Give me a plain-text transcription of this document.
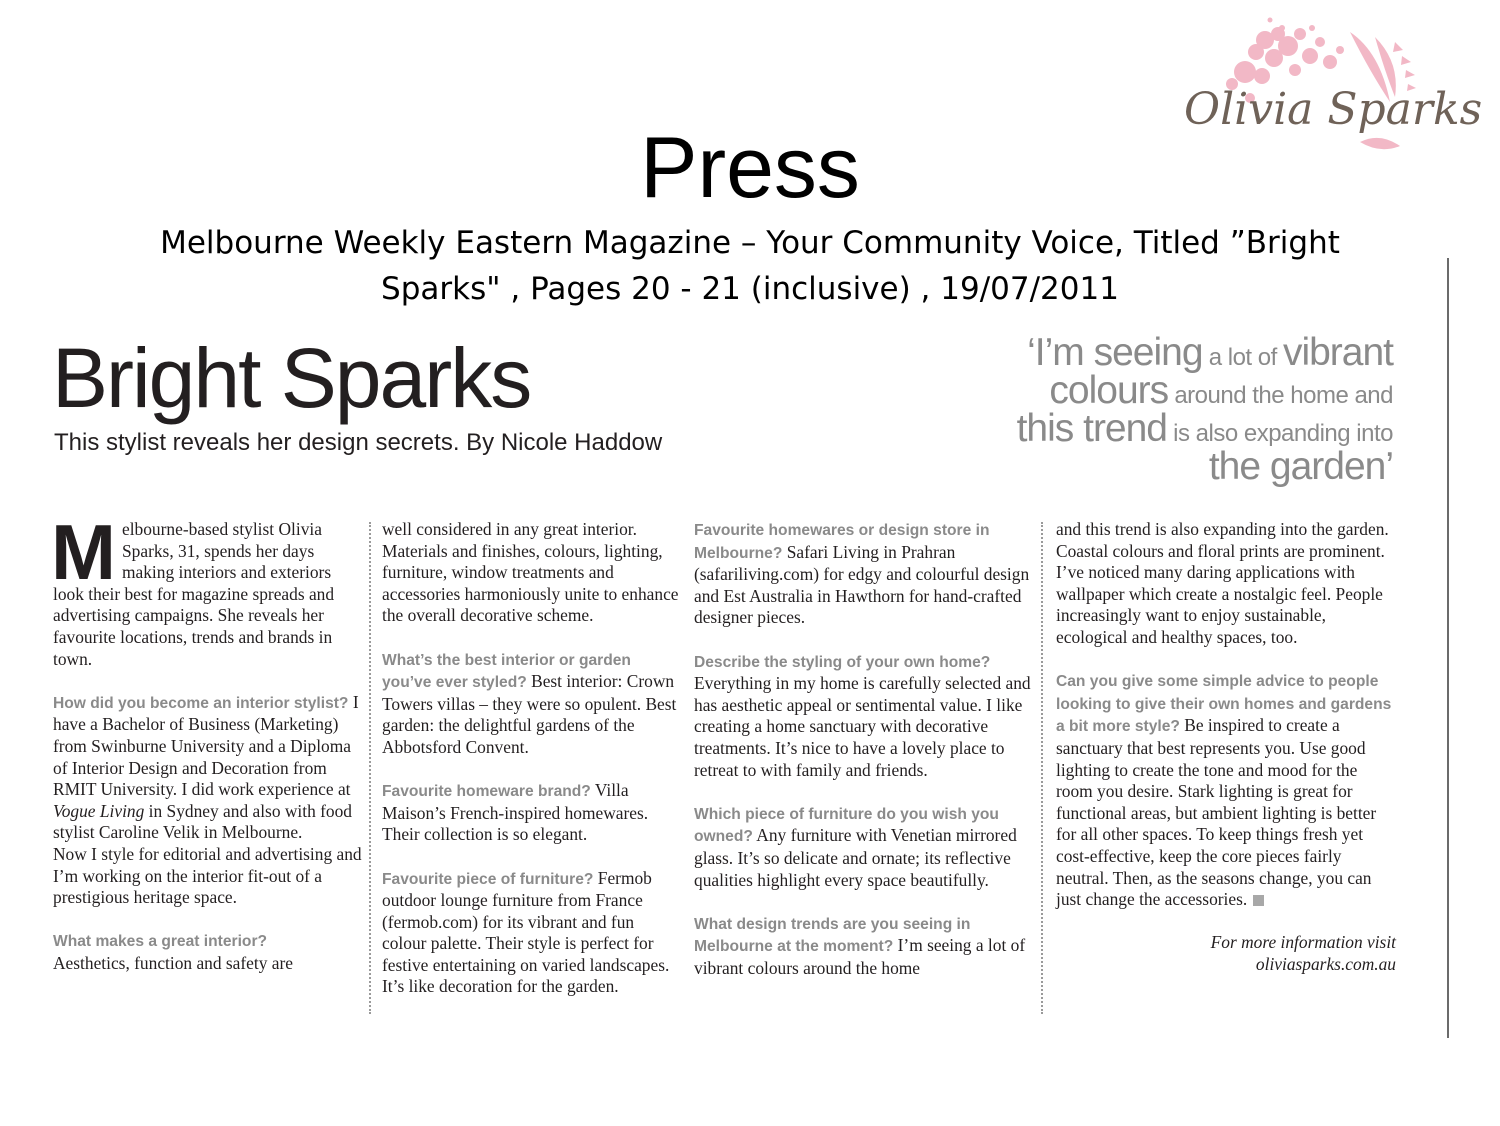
Olivia Sparks
Press
Melbourne Weekly Eastern Magazine – Your Community Voice, Titled ”Bright Sparks" , Pages 20 - 21 (inclusive) , 19/07/2011
Bright Sparks
This stylist reveals her design secrets. By Nicole Haddow
‘I’m seeing a lot of vibrant
colours around the home and
this trend is also expanding into
the garden’

Melbourne-based stylist Olivia Sparks, 31, spends her days making interiors and exteriors look their best for magazine spreads and advertising campaigns. She reveals her favourite locations, trends and brands in town.

How did you become an interior stylist? I have a Bachelor of Business (Marketing) from Swinburne University and a Diploma of Interior Design and Decoration from RMIT University. I did work experience at Vogue Living in Sydney and also with food stylist Caroline Velik in Melbourne.

Now I style for editorial and advertising and I’m working on the interior fit-out of a prestigious heritage space.

What makes a great interior?
Aesthetics, function and safety are

well considered in any great interior. Materials and finishes, colours, lighting, furniture, window treatments and accessories harmoniously unite to enhance the overall decorative scheme.

What’s the best interior or garden you’ve ever styled? Best interior: Crown Towers villas – they were so opulent. Best garden: the delightful gardens of the Abbotsford Convent.

Favourite homeware brand? Villa Maison’s French-inspired homewares. Their collection is so elegant.

Favourite piece of furniture? Fermob outdoor lounge furniture from France (fermob.com) for its vibrant and fun colour palette. Their style is perfect for festive entertaining on varied landscapes. It’s like decoration for the garden.

Favourite homewares or design store in Melbourne? Safari Living in Prahran (safariliving.com) for edgy and colourful design and Est Australia in Hawthorn for hand-crafted designer pieces.

Describe the styling of your own home? Everything in my home is carefully selected and has aesthetic appeal or sentimental value. I like creating a home sanctuary with decorative treatments. It’s nice to have a lovely place to retreat to with family and friends.

Which piece of furniture do you wish you owned? Any furniture with Venetian mirrored glass. It’s so delicate and ornate; its reflective qualities highlight every space beautifully.

What design trends are you seeing in Melbourne at the moment? I’m seeing a lot of vibrant colours around the home

and this trend is also expanding into the garden. Coastal colours and floral prints are prominent. I’ve noticed many daring applications with wallpaper which create a nostalgic feel. People increasingly want to enjoy sustainable, ecological and healthy spaces, too.

Can you give some simple advice to people looking to give their own homes and gardens a bit more style? Be inspired to create a sanctuary that best represents you. Use good lighting to create the tone and mood for the room you desire. Stark lighting is great for functional areas, but ambient lighting is better for all other spaces. To keep things fresh yet cost-effective, keep the core pieces fairly neutral. Then, as the seasons change, you can just change the accessories.

For more information visit
oliviasparks.com.au
